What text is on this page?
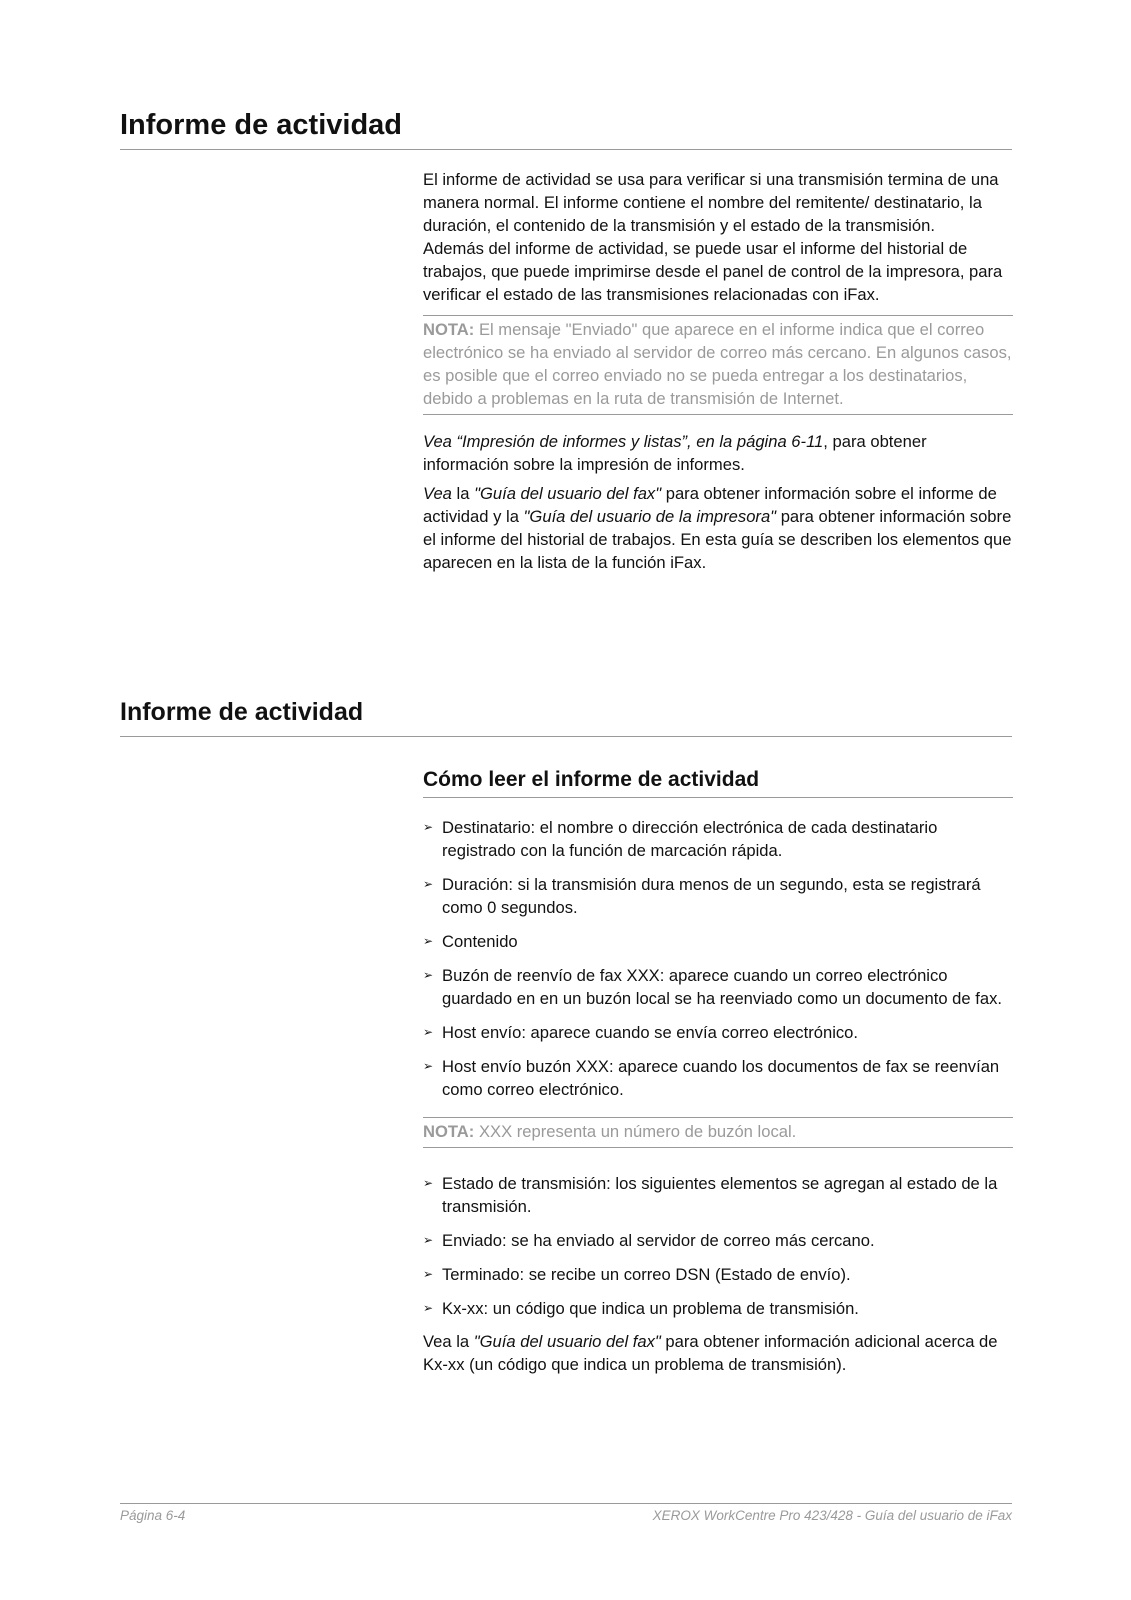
Informe de actividad

El informe de actividad se usa para verificar si una transmisión termina de una manera normal. El informe contiene el nombre del remitente/ destinatario, la duración, el contenido de la transmisión y el estado de la transmisión.

Además del informe de actividad, se puede usar el informe del historial de trabajos, que puede imprimirse desde el panel de control de la impresora, para verificar el estado de las transmisiones relacionadas con iFax.

NOTA: El mensaje "Enviado" que aparece en el informe indica que el correo electrónico se ha enviado al servidor de correo más cercano. En algunos casos, es posible que el correo enviado no se pueda entregar a los destinatarios, debido a problemas en la ruta de transmisión de Internet.

Vea “Impresión de informes y listas”, en la página 6-11, para obtener información sobre la impresión de informes.

Vea la "Guía del usuario del fax" para obtener información sobre el informe de actividad y la "Guía del usuario de la impresora" para obtener información sobre el informe del historial de trabajos. En esta guía se describen los elementos que aparecen en la lista de la función iFax.

Informe de actividad
Cómo leer el informe de actividad
➢ Destinatario: el nombre o dirección electrónica de cada destinatario registrado con la función de marcación rápida.
➢ Duración: si la transmisión dura menos de un segundo, esta se registrará como 0 segundos.
➢ Contenido
➢ Buzón de reenvío de fax XXX: aparece cuando un correo electrónico guardado en en un buzón local se ha reenviado como un documento de fax.
➢ Host envío: aparece cuando se envía correo electrónico.
➢ Host envío buzón XXX: aparece cuando los documentos de fax se reenvían como correo electrónico.
NOTA: XXX representa un número de buzón local.
➢ Estado de transmisión: los siguientes elementos se agregan al estado de la transmisión.
➢ Enviado: se ha enviado al servidor de correo más cercano.
➢ Terminado: se recibe un correo DSN (Estado de envío).
➢ Kx-xx: un código que indica un problema de transmisión.

Vea la "Guía del usuario del fax" para obtener información adicional acerca de Kx-xx (un código que indica un problema de transmisión).

Página 6-4	XEROX WorkCentre Pro 423/428 - Guía del usuario de iFax
